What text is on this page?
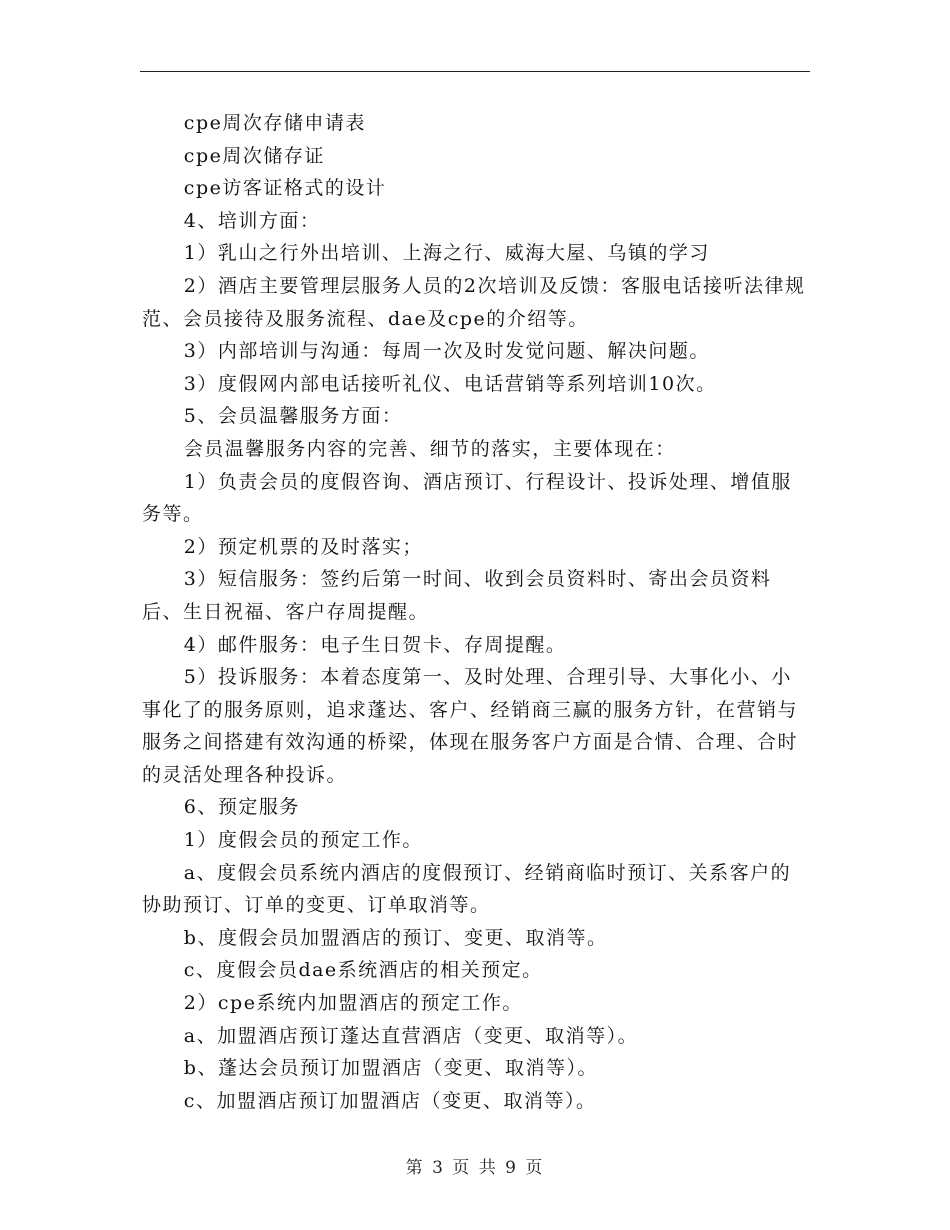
cpe周次存储申请表

cpe周次储存证

cpe访客证格式的设计

4、培训方面：

1）乳山之行外出培训、上海之行、威海大屋、乌镇的学习

2）酒店主要管理层服务人员的2次培训及反馈：客服电话接听法律规范、会员接待及服务流程、dae及cpe的介绍等。

3）内部培训与沟通：每周一次及时发觉问题、解决问题。

3）度假网内部电话接听礼仪、电话营销等系列培训10次。

5、会员温馨服务方面：

会员温馨服务内容的完善、细节的落实，主要体现在：

1）负责会员的度假咨询、酒店预订、行程设计、投诉处理、增值服务等。

2）预定机票的及时落实；

3）短信服务：签约后第一时间、收到会员资料时、寄出会员资料后、生日祝福、客户存周提醒。

4）邮件服务：电子生日贺卡、存周提醒。

5）投诉服务：本着态度第一、及时处理、合理引导、大事化小、小事化了的服务原则，追求蓬达、客户、经销商三赢的服务方针，在营销与服务之间搭建有效沟通的桥梁，体现在服务客户方面是合情、合理、合时的灵活处理各种投诉。

6、预定服务

1）度假会员的预定工作。

a、度假会员系统内酒店的度假预订、经销商临时预订、关系客户的协助预订、订单的变更、订单取消等。

b、度假会员加盟酒店的预订、变更、取消等。

c、度假会员dae系统酒店的相关预定。

2）cpe系统内加盟酒店的预定工作。

a、加盟酒店预订蓬达直营酒店（变更、取消等）。

b、蓬达会员预订加盟酒店（变更、取消等）。

c、加盟酒店预订加盟酒店（变更、取消等）。

第 3 页 共 9 页
